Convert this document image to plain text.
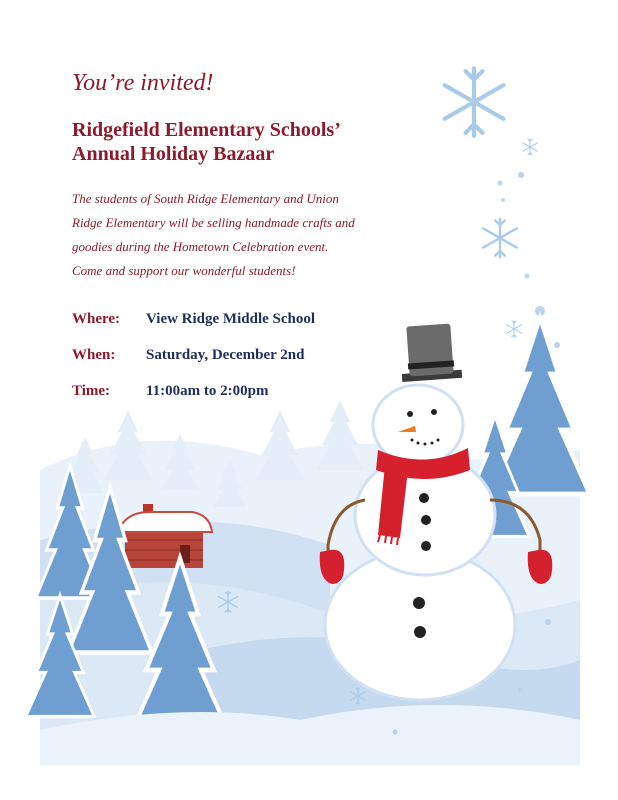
You’re invited!
Ridgefield Elementary Schools’
Annual Holiday Bazaar
The students of South Ridge Elementary and Union
Ridge Elementary will be selling handmade crafts and
goodies during the Hometown Celebration event.
Come and support our wonderful students!
Where: View Ridge Middle School
When: Saturday, December 2nd
Time: 11:00am to 2:00pm
